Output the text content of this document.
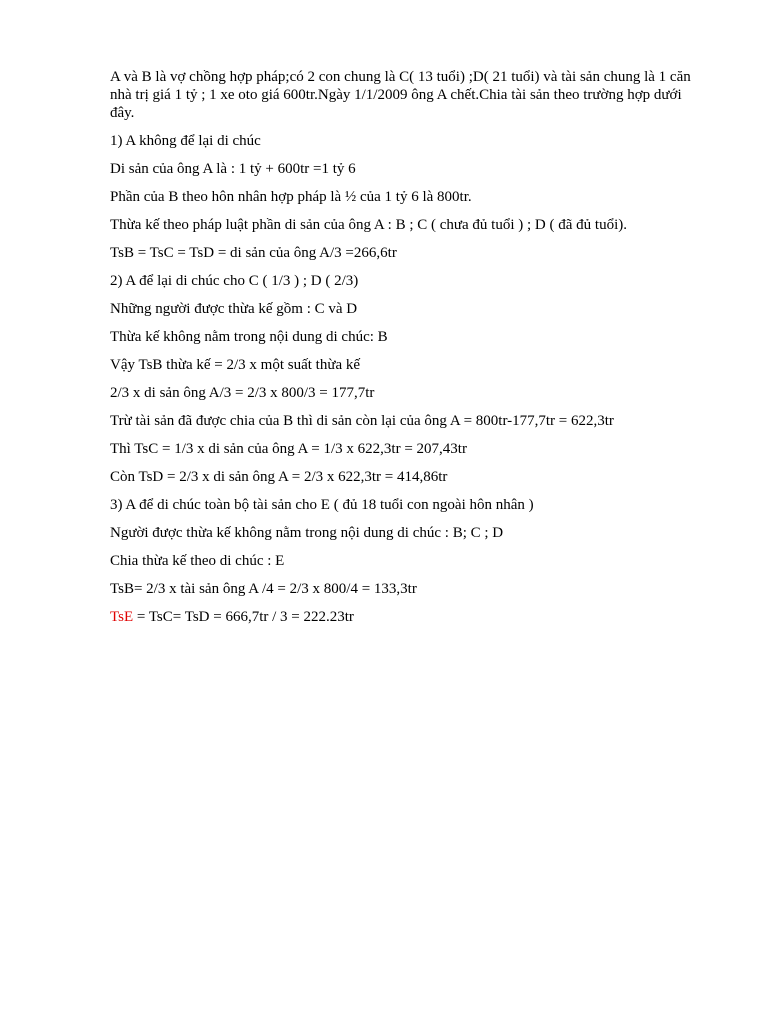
A và B là vợ chồng hợp pháp;có 2 con chung là C( 13 tuổi) ;D( 21 tuổi) và tài sản chung là 1 căn nhà trị giá 1 tỷ ; 1 xe oto giá 600tr.Ngày 1/1/2009 ông A chết.Chia tài sản theo trường hợp dưới đây.

1) A không để lại di chúc

Di sản của ông A là : 1 tỷ + 600tr =1 tỷ 6

Phần của B theo hôn nhân hợp pháp là ½ của 1 tỷ 6 là 800tr.

Thừa kế theo pháp luật phần di sản của ông A : B ; C ( chưa đủ tuổi ) ; D ( đã đủ tuổi).

TsB = TsC = TsD = di sản của ông A/3 =266,6tr

2) A để lại di chúc cho C ( 1/3 ) ; D ( 2/3)

Những người được thừa kế gồm : C và D

Thừa kế không nằm trong nội dung di chúc: B

Vậy TsB thừa kế = 2/3 x một suất thừa kế

2/3 x di sản ông A/3 = 2/3 x 800/3 = 177,7tr

Trừ tài sản đã được chia của B thì di sản còn lại của ông A = 800tr-177,7tr = 622,3tr

Thì TsC = 1/3 x di sản của ông A = 1/3 x 622,3tr = 207,43tr

Còn TsD = 2/3 x di sản ông A = 2/3 x 622,3tr = 414,86tr

3) A để di chúc toàn bộ tài sản cho E ( đủ 18 tuổi con ngoài hôn nhân )

Người được thừa kế không nằm trong nội dung di chúc : B; C ; D

Chia thừa kế theo di chúc : E

TsB= 2/3 x tài sản ông A /4 = 2/3 x 800/4 = 133,3tr

TsE = TsC= TsD = 666,7tr / 3 = 222.23tr
